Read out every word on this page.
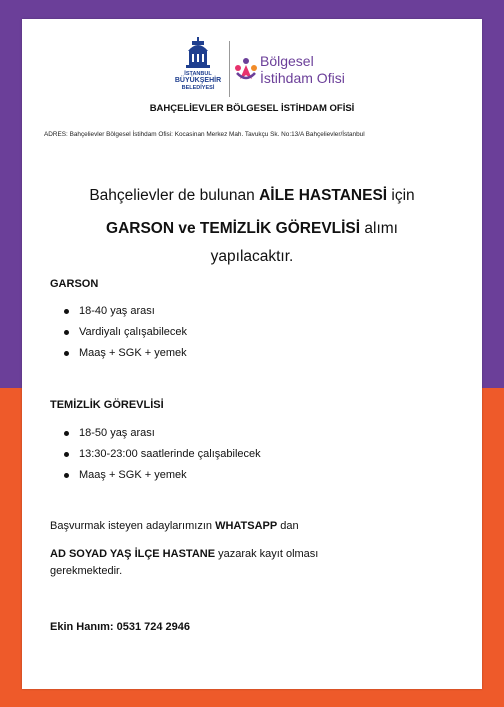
İSTANBUL
BÜYÜKŞEHİR
BELEDİYESİ
Bölgesel
İstihdam Ofisi
BAHÇELİEVLER BÖLGESEL İSTİHDAM OFİSİ
ADRES: Bahçelievler Bölgesel İstihdam Ofisi: Kocasinan Merkez Mah. Tavukçu Sk. No:13/A Bahçelievler/İstanbul
Bahçelievler de bulunan AİLE HASTANESİ için
GARSON ve TEMİZLİK GÖREVLİSİ alımı
yapılacaktır.
GARSON
18-40 yaş arası
Vardiyalı çalışabilecek
Maaş + SGK + yemek
TEMİZLİK GÖREVLİSİ
18-50 yaş arası
13:30-23:00 saatlerinde çalışabilecek
Maaş + SGK + yemek
Başvurmak isteyen adaylarımızın WHATSAPP dan
AD SOYAD YAŞ İLÇE HASTANE yazarak kayıt olması
gerekmektedir.
Ekin Hanım: 0531 724 2946
